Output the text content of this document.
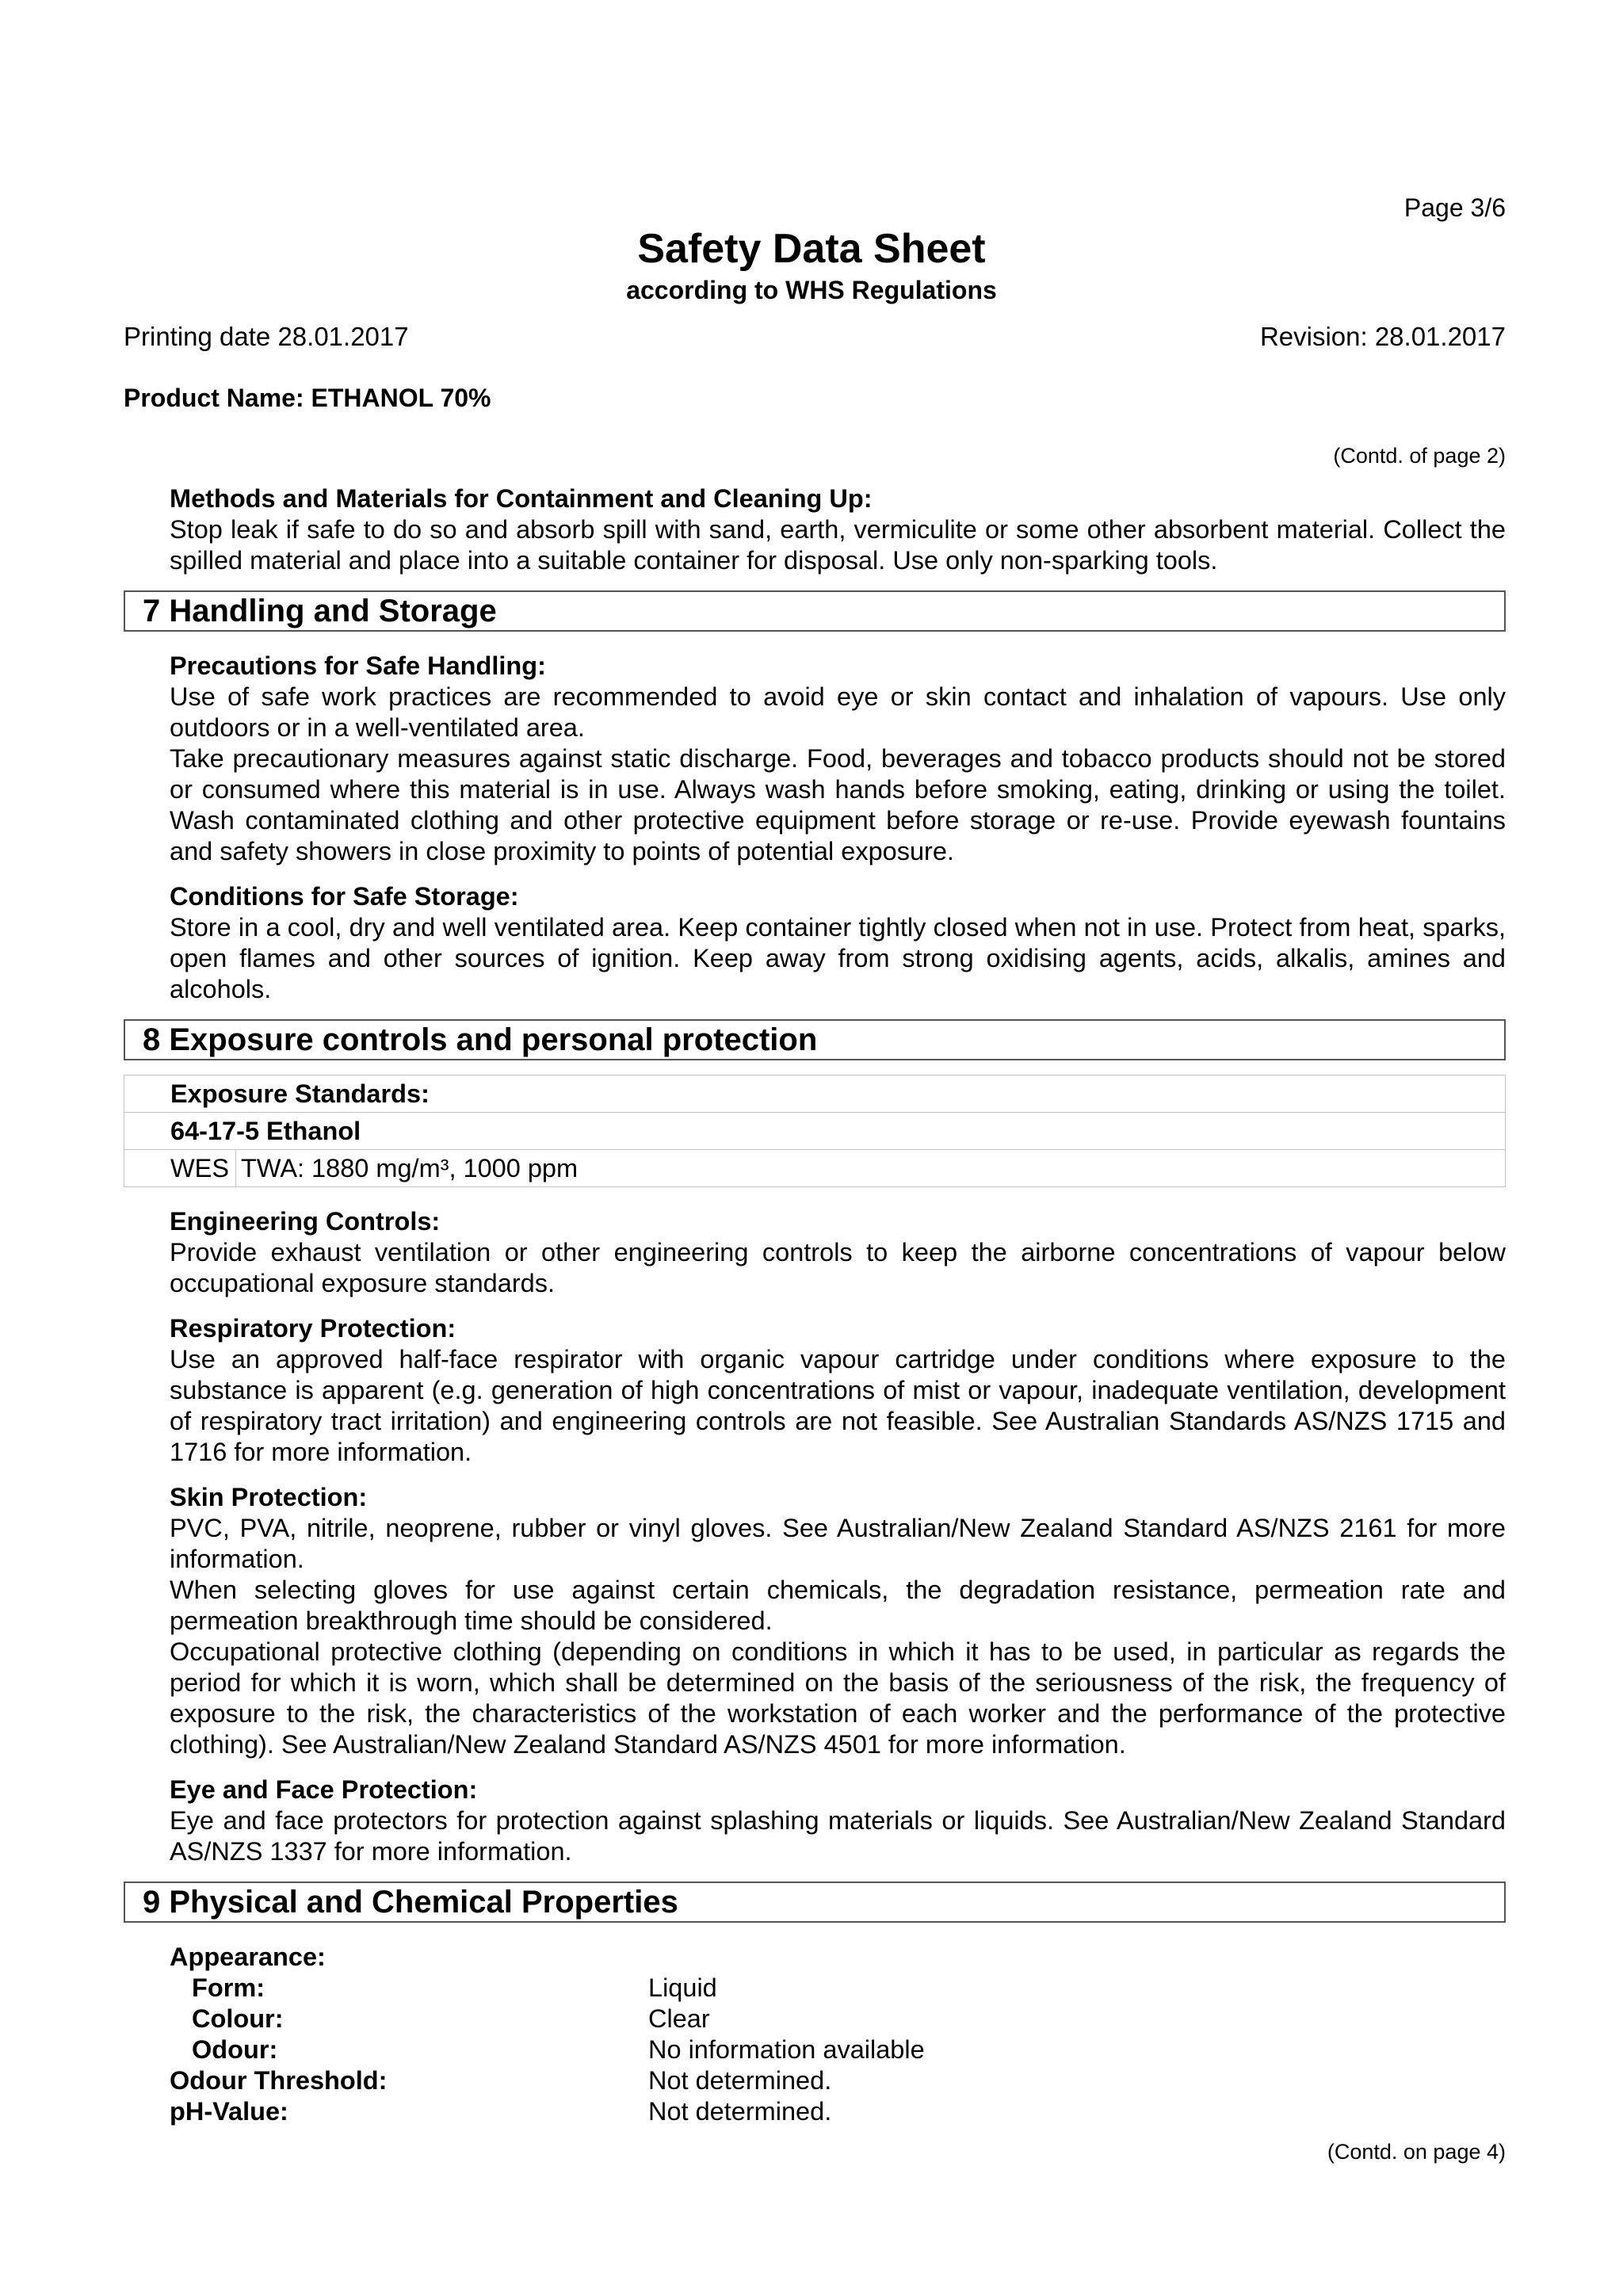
Page 3/6
Safety Data Sheet
according to WHS Regulations
Printing date 28.01.2017	Revision: 28.01.2017
Product Name: ETHANOL 70%
(Contd. of page 2)
Methods and Materials for Containment and Cleaning Up:

Stop leak if safe to do so and absorb spill with sand, earth, vermiculite or some other absorbent material. Collect the spilled material and place into a suitable container for disposal. Use only non-sparking tools.

7 Handling and Storage
Precautions for Safe Handling:

Use of safe work practices are recommended to avoid eye or skin contact and inhalation of vapours. Use only outdoors or in a well-ventilated area.

Take precautionary measures against static discharge. Food, beverages and tobacco products should not be stored or consumed where this material is in use. Always wash hands before smoking, eating, drinking or using the toilet. Wash contaminated clothing and other protective equipment before storage or re-use. Provide eyewash fountains and safety showers in close proximity to points of potential exposure.

Conditions for Safe Storage:

Store in a cool, dry and well ventilated area. Keep container tightly closed when not in use. Protect from heat, sparks, open flames and other sources of ignition. Keep away from strong oxidising agents, acids, alkalis, amines and alcohols.

8 Exposure controls and personal protection
Exposure Standards:
64-17-5 Ethanol
WES	TWA: 1880 mg/m³, 1000 ppm
Engineering Controls:

Provide exhaust ventilation or other engineering controls to keep the airborne concentrations of vapour below occupational exposure standards.

Respiratory Protection:

Use an approved half-face respirator with organic vapour cartridge under conditions where exposure to the substance is apparent (e.g. generation of high concentrations of mist or vapour, inadequate ventilation, development of respiratory tract irritation) and engineering controls are not feasible. See Australian Standards AS/NZS 1715 and 1716 for more information.

Skin Protection:

PVC, PVA, nitrile, neoprene, rubber or vinyl gloves. See Australian/New Zealand Standard AS/NZS 2161 for more information.

When selecting gloves for use against certain chemicals, the degradation resistance, permeation rate and permeation breakthrough time should be considered.

Occupational protective clothing (depending on conditions in which it has to be used, in particular as regards the period for which it is worn, which shall be determined on the basis of the seriousness of the risk, the frequency of exposure to the risk, the characteristics of the workstation of each worker and the performance of the protective clothing). See Australian/New Zealand Standard AS/NZS 4501 for more information.

Eye and Face Protection:

Eye and face protectors for protection against splashing materials or liquids. See Australian/New Zealand Standard AS/NZS 1337 for more information.

9 Physical and Chemical Properties
Appearance:	
Form:	Liquid
Colour:	Clear
Odour:	No information available
Odour Threshold:	Not determined.
pH-Value:	Not determined.
(Contd. on page 4)
